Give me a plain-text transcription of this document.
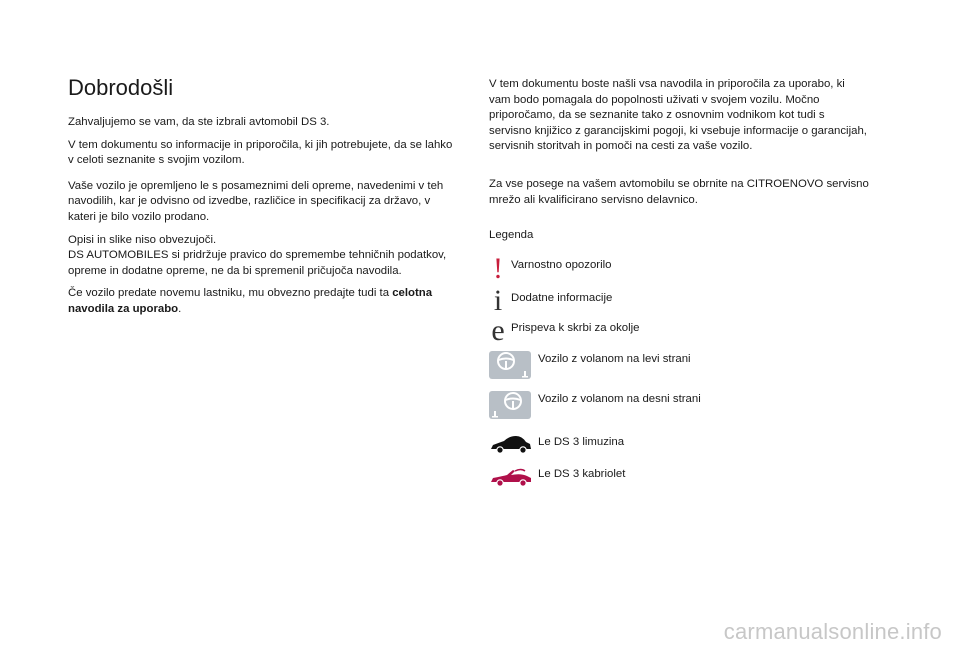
Dobrodošli

Zahvaljujemo se vam, da ste izbrali avtomobil DS 3.

V tem dokumentu so informacije in priporočila, ki jih potrebujete, da se lahko v celoti seznanite s svojim vozilom.

Vaše vozilo je opremljeno le s posameznimi deli opreme, navedenimi v teh navodilih, kar je odvisno od izvedbe, različice in specifikacij za državo, v kateri je bilo vozilo prodano.

Opisi in slike niso obvezujoči.
DS AUTOMOBILES si pridržuje pravico do spremembe tehničnih podatkov, opreme in dodatne opreme, ne da bi spremenil pričujoča navodila.

Če vozilo predate novemu lastniku, mu obvezno predajte tudi ta celotna navodila za uporabo.

V tem dokumentu boste našli vsa navodila in priporočila za uporabo, ki vam bodo pomagala do popolnosti uživati v svojem vozilu. Močno priporočamo, da se seznanite tako z osnovnim vodnikom kot tudi s servisno knjižico z garancijskimi pogoji, ki vsebuje informacije o garancijah, servisnih storitvah in pomoči na cesti za vaše vozilo.

Za vse posege na vašem avtomobilu se obrnite na CITROENOVO servisno mrežo ali kvalificirano servisno delavnico.

Legenda

! Varnostno opozorilo
i Dodatne informacije
e Prispeva k skrbi za okolje
Vozilo z volanom na levi strani
Vozilo z volanom na desni strani
Le DS 3 limuzina
Le DS 3 kabriolet
carmanualsonline.info
